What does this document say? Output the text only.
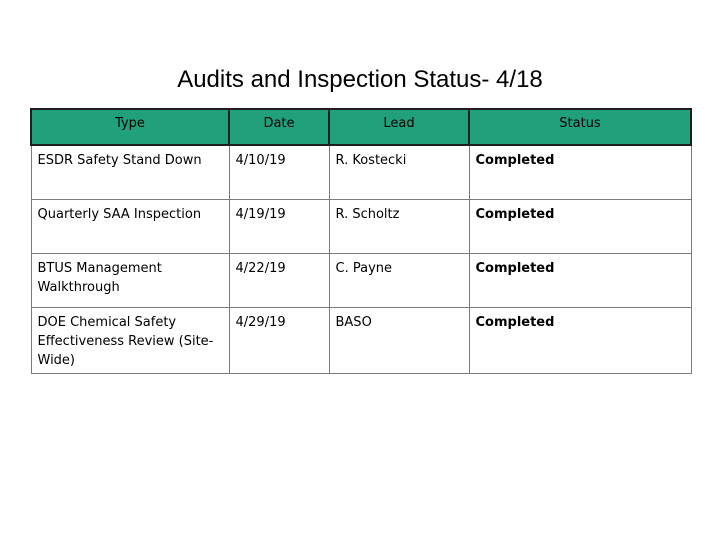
Audits and Inspection Status- 4/18
Type	Date	Lead	Status
ESDR Safety Stand Down	4/10/19	R. Kostecki	Completed
Quarterly SAA Inspection	4/19/19	R. Scholtz	Completed
BTUS Management Walkthrough	4/22/19	C. Payne	Completed
DOE Chemical Safety Effectiveness Review (Site-Wide)	4/29/19	BASO	Completed
